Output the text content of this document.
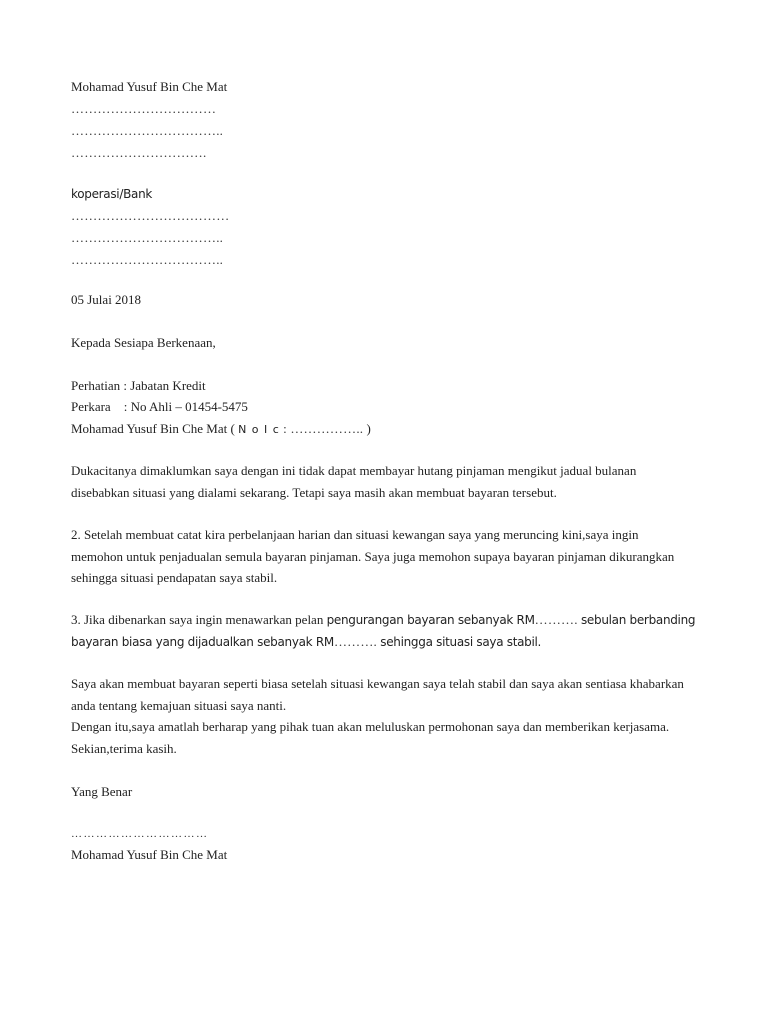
Mohamad Yusuf Bin Che Mat
……………………………
……………………………..
………………………….
koperasi/Bank
………………………………
……………………………..
……………………………..
05 Julai 2018
Kepada Sesiapa Berkenaan,
Perhatian : Jabatan Kredit
Perkara : No Ahli – 01454-5475
Mohamad Yusuf Bin Che Mat ( N o I c : …………….. )
Dukacitanya dimaklumkan saya dengan ini tidak dapat membayar hutang pinjaman mengikut jadual bulanan
disebabkan situasi yang dialami sekarang. Tetapi saya masih akan membuat bayaran tersebut.
2. Setelah membuat catat kira perbelanjaan harian dan situasi kewangan saya yang meruncing kini,saya ingin
memohon untuk penjadualan semula bayaran pinjaman. Saya juga memohon supaya bayaran pinjaman dikurangkan
sehingga situasi pendapatan saya stabil.
3. Jika dibenarkan saya ingin menawarkan pelan pengurangan bayaran sebanyak RM………. sebulan berbanding
bayaran biasa yang dijadualkan sebanyak RM………. sehingga situasi saya stabil.
Saya akan membuat bayaran seperti biasa setelah situasi kewangan saya telah stabil dan saya akan sentiasa khabarkan
anda tentang kemajuan situasi saya nanti.
Dengan itu,saya amatlah berharap yang pihak tuan akan meluluskan permohonan saya dan memberikan kerjasama.
Sekian,terima kasih.
Yang Benar
……………………………
Mohamad Yusuf Bin Che Mat
